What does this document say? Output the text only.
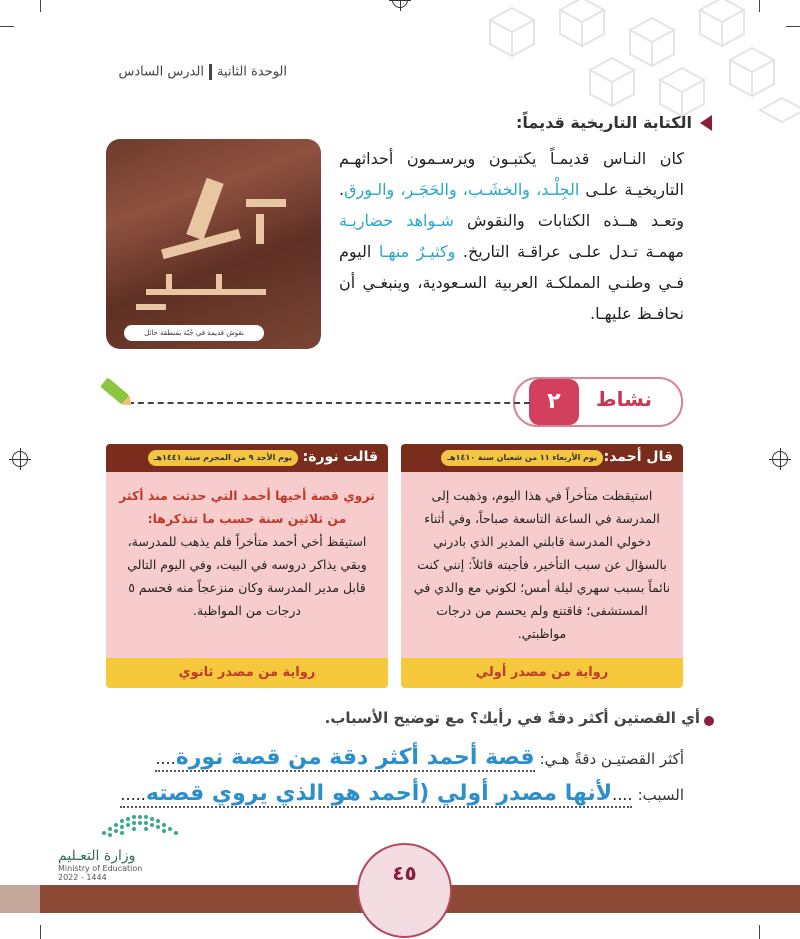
الوحدة الثانيةالدرس السادس
الكتابة التاريخية قديماً:
نقوش قديمة في جُبّة بمنطقة حائل
كان النـاس قديمـاً يكتبـون ويرسـمون أحداثهـم التاريخيـة علـى الجِلْـد، والخشَـب، والحَجَـر، والـورق. وتعـد هــذه الكتابات والنقوش شـواهد حضاريـة مهمـة تـدل علـى عراقـة التاريخ. وكثيـرٌ منهـا اليوم فـي وطنـي المملكـة العربية السـعودية، وينبغـي أن نحافـظ عليهـا.
نشاط
٢
قال أحمد:
يوم الأربعاء ١١ من شعبان سنة ١٤١٠هـ
استيقظت متأخراً في هذا اليوم، وذهبت إلى المدرسة في الساعة التاسعة صباحاً، وفي أثناء دخولي المدرسة قابلني المدير الذي بادرني بالسؤال عن سبب التأخير، فأجبته قائلاً: إنني كنت نائماً بسبب سهري ليلة أمس؛ لكوني مع والدي في المستشفى؛ فاقتنع ولم يحسم من درجات مواظبتي.
رواية من مصدر أولي
قالت نورة:
يوم الأحد ٩ من المحرم سنة ١٤٤١هـ
تروي قصة أخيها أحمد التي حدثت منذ أكثر من ثلاثين سنة حسب ما تتذكرها:
استيقظ أخي أحمد متأخراً فلم يذهب للمدرسة، وبقي يذاكر دروسه في البيت، وفي اليوم التالي قابل مدير المدرسة وكان منزعجاً منه فحسم ٥ درجات من المواظبة.
رواية من مصدر ثانوي
أي القصتين أكثر دقةً في رأيك؟ مع توضيح الأسباب.
أكثر القصتيـن دقةً هـي: قصة أحمد أكثر دقة من قصة نورة....
السبب: ....لأنها مصدر أولي (أحمد هو الذي يروي قصته.....
وزارة التعـليم
Ministry of Education
2022 - 1444	٤٥
